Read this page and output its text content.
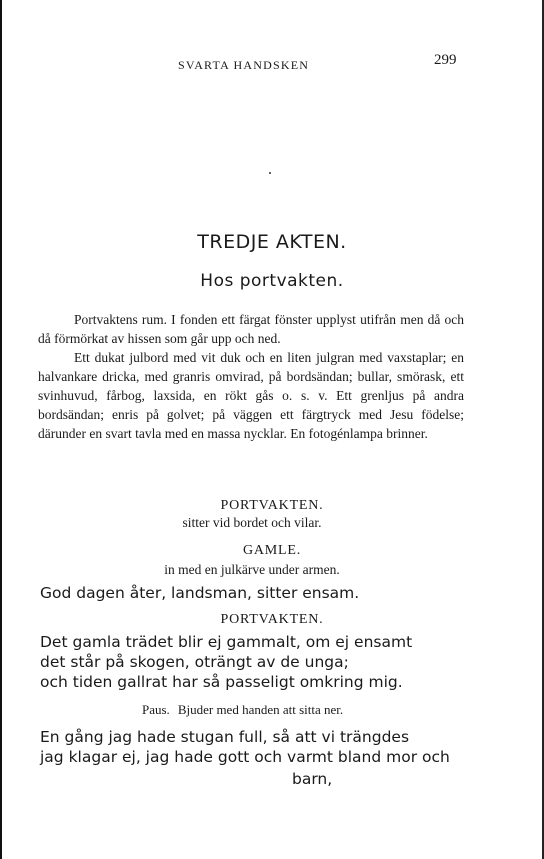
SVARTA HANDSKEN	299
TREDJE AKTEN.
Hos portvakten.

Portvaktens rum. I fonden ett färgat fönster upplyst utifrån men då och då förmörkat av hissen som går upp och ned.

Ett dukat julbord med vit duk och en liten julgran med vaxstaplar; en halvankare dricka, med granris omvirad, på bordsändan; bullar, smörask, ett svinhuvud, fårbog, laxsida, en rökt gås o. s. v. Ett grenljus på andra bordsändan; enris på golvet; på väggen ett färgtryck med Jesu födelse; därunder en svart tavla med en massa nycklar. En fotogénlampa brinner.

PORTVAKTEN.
sitter vid bordet och vilar.
GAMLE.
in med en julkärve under armen.
God dagen åter, landsman, sitter ensam.
PORTVAKTEN.
Det gamla trädet blir ej gammalt, om ej ensamt
det står på skogen, oträngt av de unga;
och tiden gallrat har så passeligt omkring mig.
Paus. Bjuder med handen att sitta ner.
En gång jag hade stugan full, så att vi trängdes
jag klagar ej, jag hade gott och varmt bland mor och
barn,
